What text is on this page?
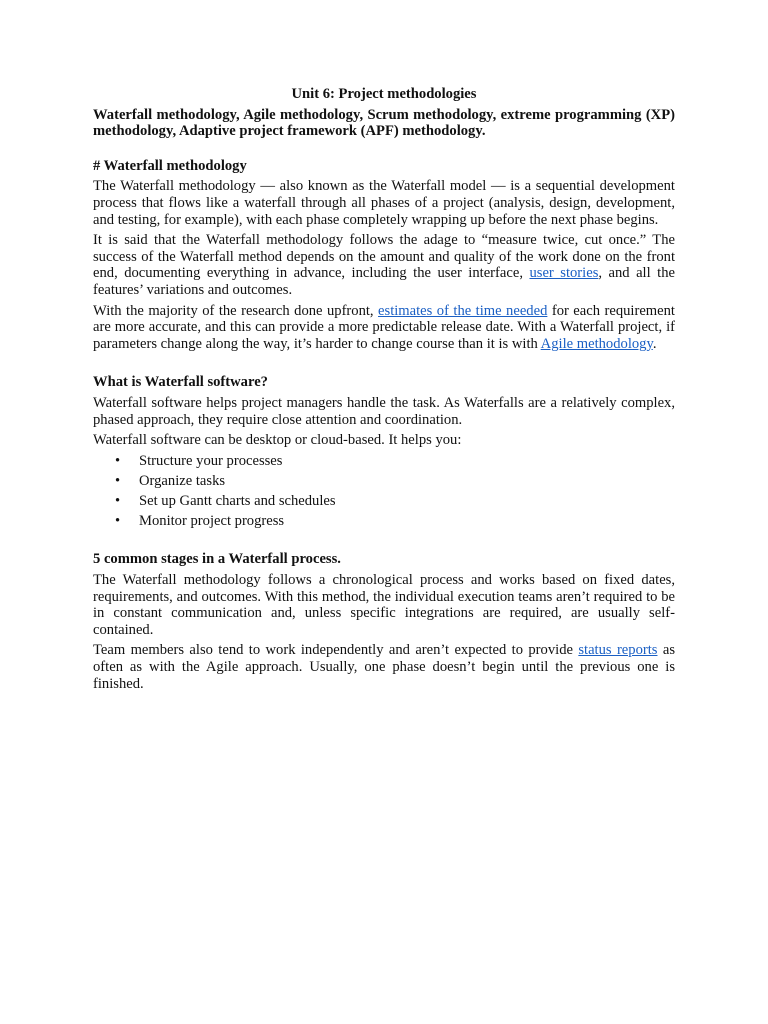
Unit 6: Project methodologies

Waterfall methodology, Agile methodology, Scrum methodology, extreme programming (XP) methodology, Adaptive project framework (APF) methodology.

# Waterfall methodology

The Waterfall methodology — also known as the Waterfall model — is a sequential development process that flows like a waterfall through all phases of a project (analysis, design, development, and testing, for example), with each phase completely wrapping up before the next phase begins.

It is said that the Waterfall methodology follows the adage to “measure twice, cut once.” The success of the Waterfall method depends on the amount and quality of the work done on the front end, documenting everything in advance, including the user interface, user stories, and all the features’ variations and outcomes.

With the majority of the research done upfront, estimates of the time needed for each requirement are more accurate, and this can provide a more predictable release date. With a Waterfall project, if parameters change along the way, it’s harder to change course than it is with Agile methodology.

What is Waterfall software?

Waterfall software helps project managers handle the task. As Waterfalls are a relatively complex, phased approach, they require close attention and coordination.

Waterfall software can be desktop or cloud-based. It helps you:

• Structure your processes
• Organize tasks
• Set up Gantt charts and schedules
• Monitor project progress
5 common stages in a Waterfall process.

The Waterfall methodology follows a chronological process and works based on fixed dates, requirements, and outcomes. With this method, the individual execution teams aren’t required to be in constant communication and, unless specific integrations are required, are usually self-contained.

Team members also tend to work independently and aren’t expected to provide status reports as often as with the Agile approach. Usually, one phase doesn’t begin until the previous one is finished.
